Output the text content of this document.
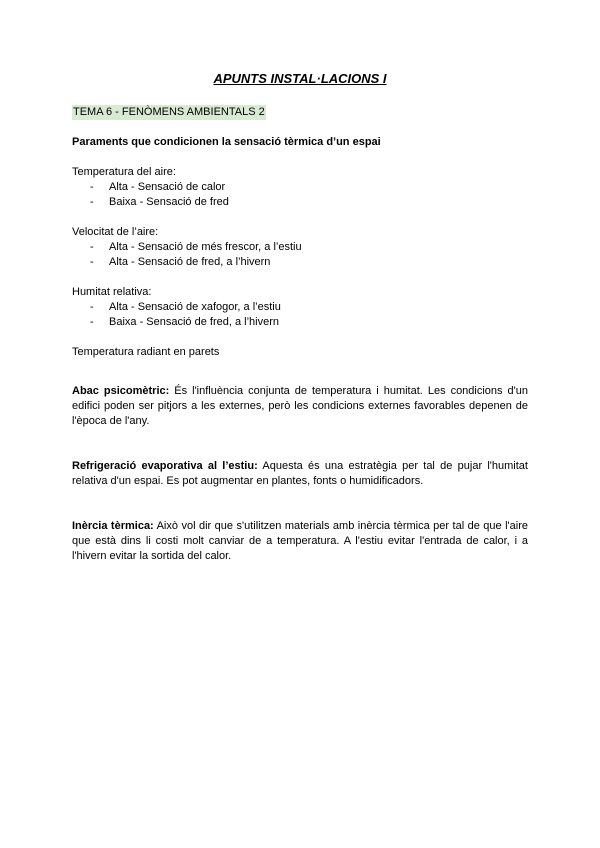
APUNTS INSTAL·LACIONS I
TEMA 6 - FENÒMENS AMBIENTALS 2
Paraments que condicionen la sensació tèrmica d’un espai
Temperatura del aire:
- Alta - Sensació de calor
- Baixa - Sensació de fred
Velocitat de l’aire:
- Alta - Sensació de més frescor, a l’estiu
- Alta - Sensació de fred, a l’hivern
Humitat relativa:
- Alta - Sensació de xafogor, a l’estiu
- Baixa - Sensació de fred, a l’hivern
Temperatura radiant en parets

Abac psicomètric: És l'influència conjunta de temperatura i humitat. Les condicions d'un edifici poden ser pitjors a les externes, però les condicions externes favorables depenen de l'època de l'any.

Refrigeració evaporativa al l’estiu: Aquesta és una estratègia per tal de pujar l'humitat relativa d'un espai. Es pot augmentar en plantes, fonts o humidificadors.

Inèrcia tèrmica: Això vol dir que s'utilitzen materials amb inèrcia tèrmica per tal de que l'aire que està dins li costi molt canviar de a temperatura. A l'estiu evitar l'entrada de calor, i a l'hivern evitar la sortida del calor.
